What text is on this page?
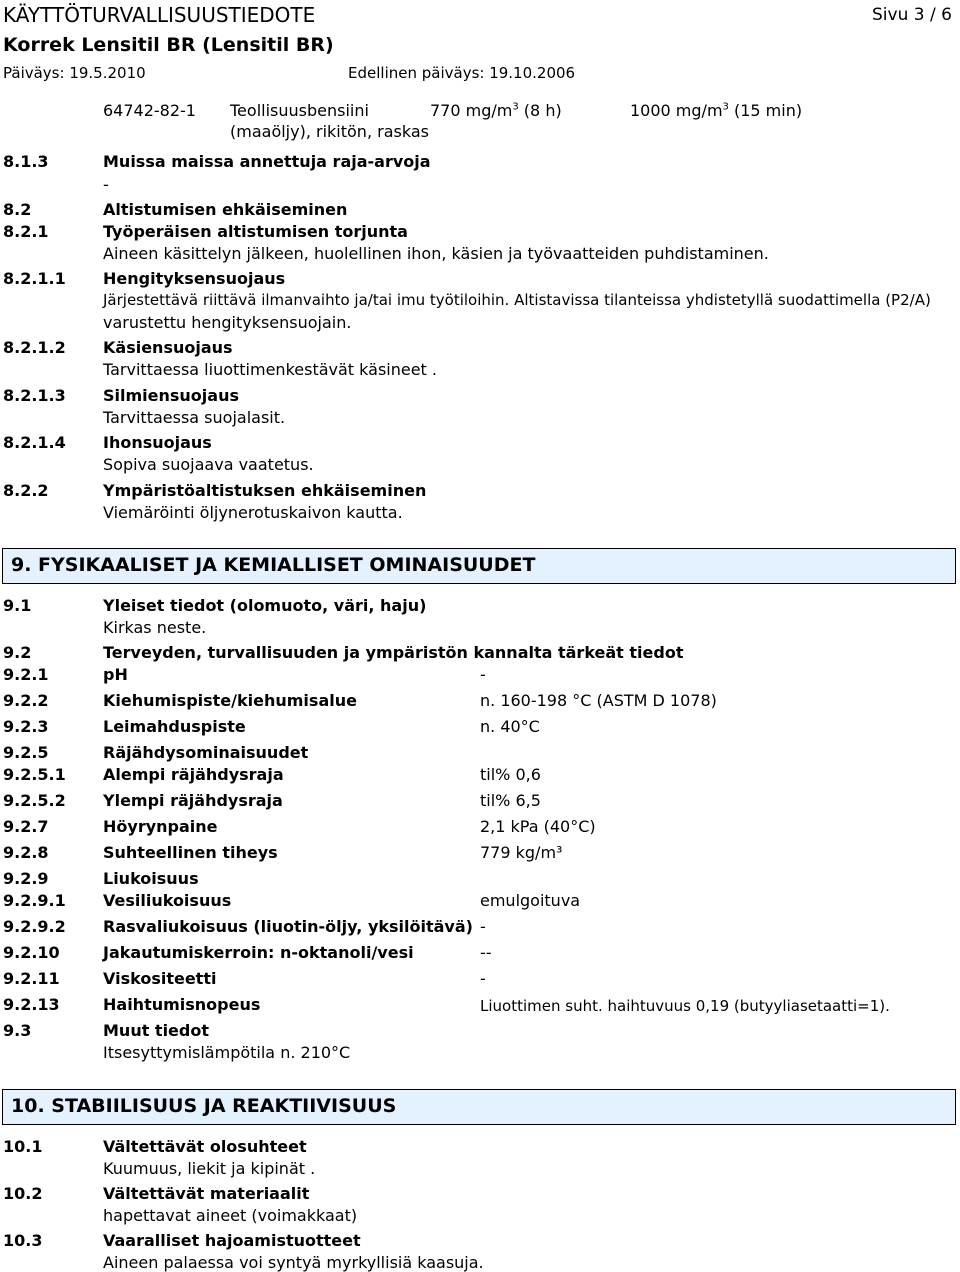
KÄYTTÖTURVALLISUUSTIEDOTE	Sivu 3 / 6
Korrek Lensitil BR (Lensitil BR)
Päiväys: 19.5.2010	Edellinen päiväys: 19.10.2006
64742-82-1 Teollisuusbensiini
(maaöljy), rikitön, raskas
770 $mg/m^3$ (8 h)	1000 $mg/m^3$ (15 min)
8.1.3	Muissa maissa annettuja raja-arvoja
-
8.2	Altistumisen ehkäiseminen
8.2.1	Työperäisen altistumisen torjunta
Aineen käsittelyn jälkeen, huolellinen ihon, käsien ja työvaatteiden puhdistaminen.
8.2.1.1 Hengityksensuojaus
Järjestettävä riittävä ilmanvaihto ja/tai imu työtiloihin. Altistavissa tilanteissa yhdistetyllä suodattimella (P2/A)
varustettu hengityksensuojain.
8.2.1.2 Käsiensuojaus
Tarvittaessa liuottimenkestävät käsineet .
8.2.1.3 Silmiensuojaus
Tarvittaessa suojalasit.
8.2.1.4 Ihonsuojaus
Sopiva suojaava vaatetus.
8.2.2	Ympäristöaltistuksen ehkäiseminen
Viemäröinti öljynerotuskaivon kautta.
9. FYSIKAALISET JA KEMIALLISET OMINAISUUDET
9.1	Yleiset tiedot (olomuoto, väri, haju)
Kirkas neste.
9.2	Terveyden, turvallisuuden ja ympäristön kannalta tärkeät tiedot
9.2.1	pH	-
9.2.2	Kiehumispiste/kiehumisalue	n. 160-198 °C (ASTM D 1078)
9.2.3	Leimahduspiste	n. 40°C
9.2.5	Räjähdysominaisuudet
9.2.5.1 Alempi räjähdysraja	til% 0,6
9.2.5.2 Ylempi räjähdysraja	til% 6,5
9.2.7	Höyrynpaine	2,1 kPa (40°C)
9.2.8	Suhteellinen tiheys	779 kg/m³
9.2.9	Liukoisuus
9.2.9.1 Vesiliukoisuus	emulgoituva
9.2.9.2 Rasvaliukoisuus (liuotin-öljy, yksilöitävä) -
9.2.10	Jakautumiskerroin: n-oktanoli/vesi	--
9.2.11	Viskositeetti	-
9.2.13	Haihtumisnopeus	Liuottimen suht. haihtuvuus 0,19 (butyyliasetaatti=1).
9.3	Muut tiedot
Itsesyttymislämpötila n. 210°C
10. STABIILISUUS JA REAKTIIVISUUS
10.1	Vältettävät olosuhteet
Kuumuus, liekit ja kipinät .
10.2	Vältettävät materiaalit
hapettavat aineet (voimakkaat)
10.3	Vaaralliset hajoamistuotteet
Aineen palaessa voi syntyä myrkyllisiä kaasuja.
